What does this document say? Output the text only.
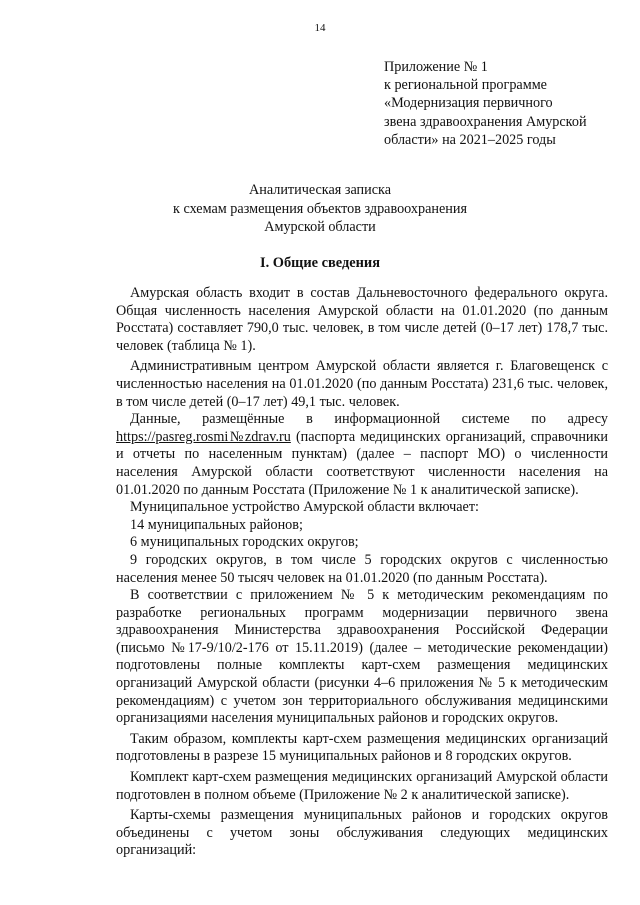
14
Приложение № 1
к региональной программе
«Модернизация первичного
звена здравоохранения Амурской
области» на 2021–2025 годы
Аналитическая записка
к схемам размещения объектов здравоохранения
Амурской области
I. Общие сведения

Амурская область входит в состав Дальневосточного федерального округа. Общая численность населения Амурской области на 01.01.2020 (по данным Росстата) составляет 790,0 тыс. человек, в том числе детей (0–17 лет) 178,7 тыс. человек (таблица № 1).

Административным центром Амурской области является г. Благовещенск с численностью населения на 01.01.2020 (по данным Росстата) 231,6 тыс. человек, в том числе детей (0–17 лет) 49,1 тыс. человек.

Данные, размещённые в информационной системе по адресу https://pasreg.rosmi№zdrav.ru (паспорта медицинских организаций, справочники и отчеты по населенным пунктам) (далее – паспорт МО) о численности населения Амурской области соответствуют численности населения на 01.01.2020 по данным Росстата (Приложение № 1 к аналитической записке).

Муниципальное устройство Амурской области включает:

14 муниципальных районов;

6 муниципальных городских округов;

9 городских округов, в том числе 5 городских округов с численностью населения менее 50 тысяч человек на 01.01.2020 (по данным Росстата).

В соответствии с приложением № 5 к методическим рекомендациям по разработке региональных программ модернизации первичного звена здравоохранения Министерства здравоохранения Российской Федерации (письмо №17-9/10/2-176 от 15.11.2019) (далее – методические рекомендации) подготовлены полные комплекты карт-схем размещения медицинских организаций Амурской области (рисунки 4–6 приложения № 5 к методическим рекомендациям) с учетом зон территориального обслуживания медицинскими организациями населения муниципальных районов и городских округов.

Таким образом, комплекты карт-схем размещения медицинских организаций подготовлены в разрезе 15 муниципальных районов и 8 городских округов.

Комплект карт-схем размещения медицинских организаций Амурской области подготовлен в полном объеме (Приложение № 2 к аналитической записке).

Карты-схемы размещения муниципальных районов и городских округов объединены с учетом зоны обслуживания следующих медицинских организаций:
